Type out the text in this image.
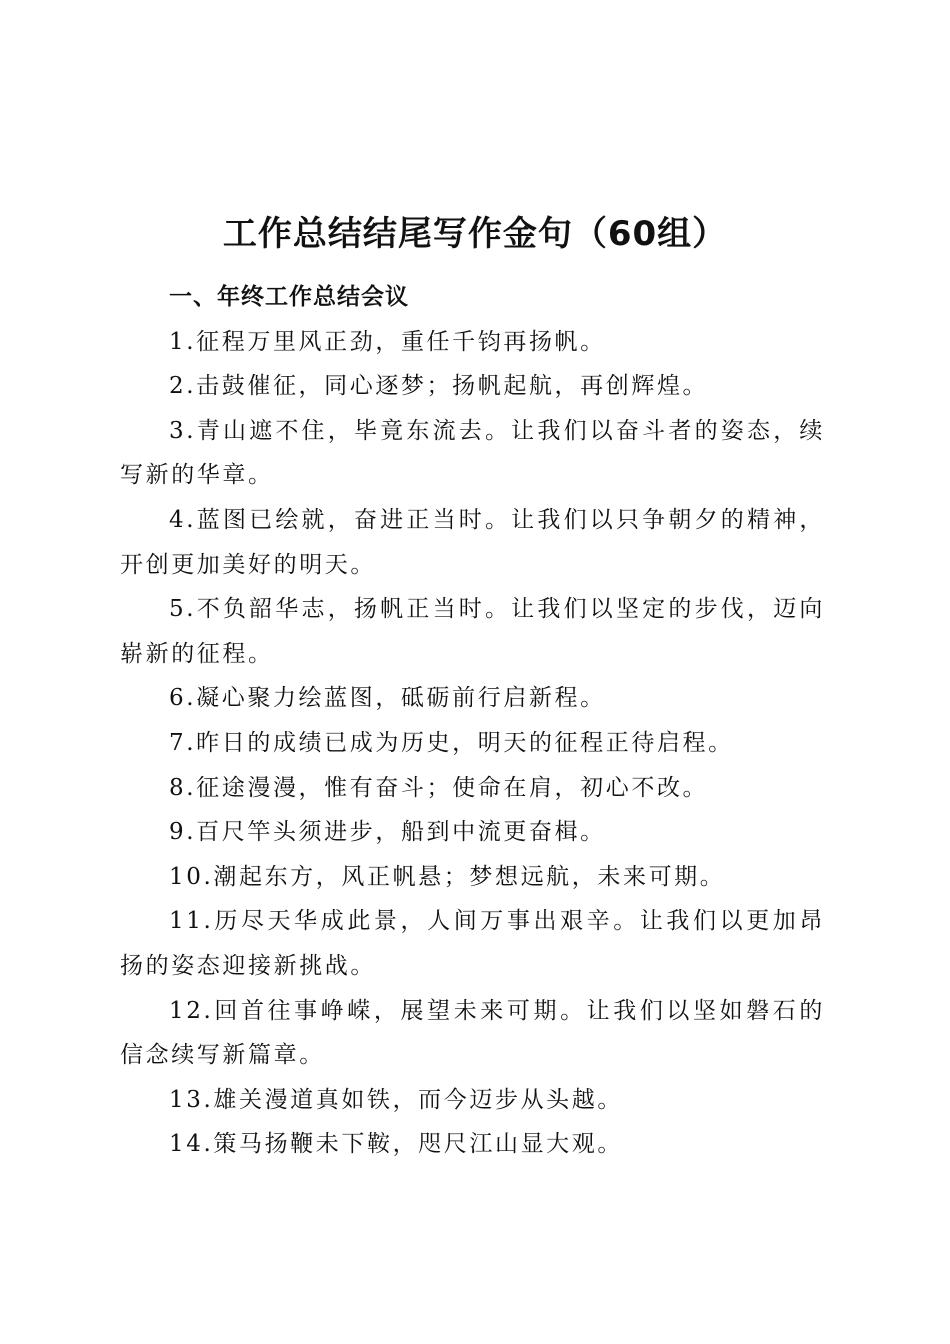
工作总结结尾写作金句（60组）

一、年终工作总结会议

1.征程万里风正劲，重任千钧再扬帆。

2.击鼓催征，同心逐梦；扬帆起航，再创辉煌。

3.青山遮不住，毕竟东流去。让我们以奋斗者的姿态，续写新的华章。

4.蓝图已绘就，奋进正当时。让我们以只争朝夕的精神，开创更加美好的明天。

5.不负韶华志，扬帆正当时。让我们以坚定的步伐，迈向崭新的征程。

6.凝心聚力绘蓝图，砥砺前行启新程。

7.昨日的成绩已成为历史，明天的征程正待启程。

8.征途漫漫，惟有奋斗；使命在肩，初心不改。

9.百尺竿头须进步，船到中流更奋楫。

10.潮起东方，风正帆悬；梦想远航，未来可期。

11.历尽天华成此景，人间万事出艰辛。让我们以更加昂扬的姿态迎接新挑战。

12.回首往事峥嵘，展望未来可期。让我们以坚如磐石的信念续写新篇章。

13.雄关漫道真如铁，而今迈步从头越。

14.策马扬鞭未下鞍，咫尺江山显大观。
